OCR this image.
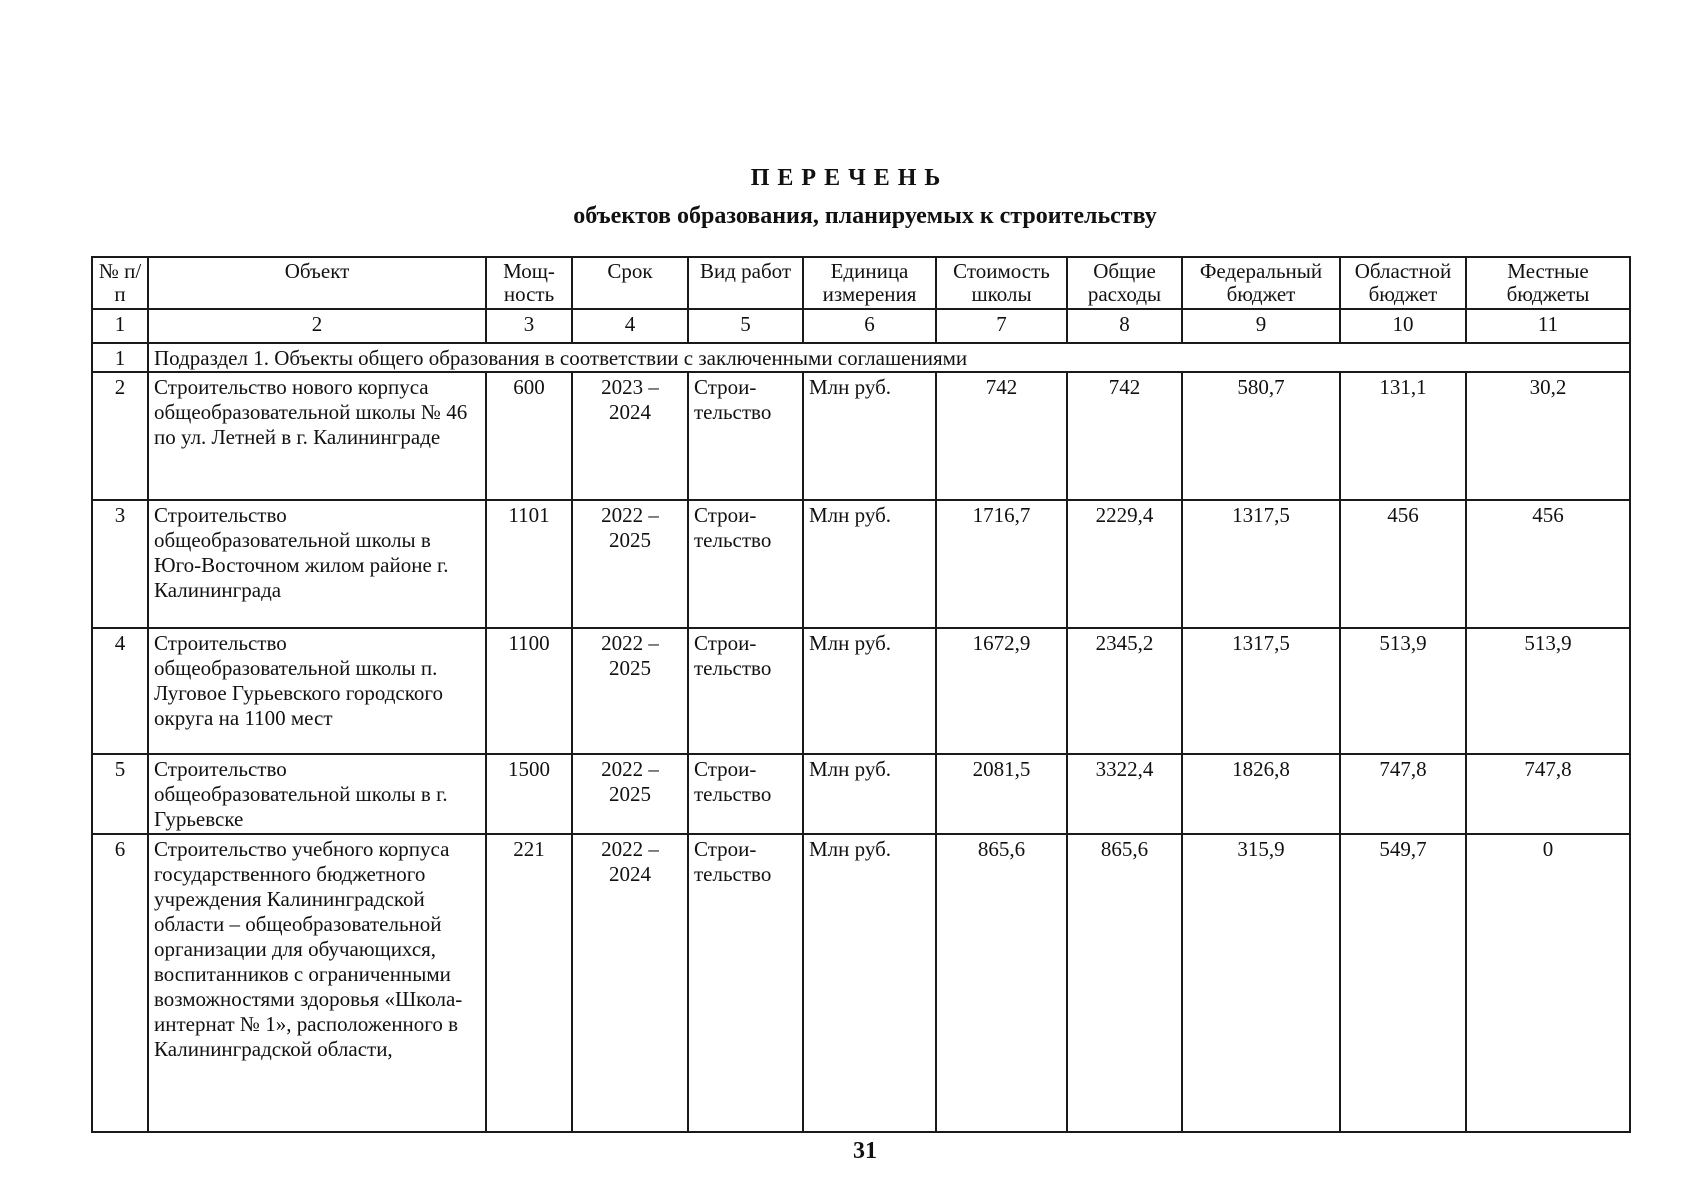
ПЕРЕЧЕНЬ
объектов образования, планируемых к строительству
№ п/п	Объект	Мощ-ность	Срок	Вид работ	Единица измерения	Стоимость школы	Общие расходы	Федеральный бюджет	Областной бюджет	Местные бюджеты
1	2	3	4	5	6	7	8	9	10	11
1	Подраздел 1. Объекты общего образования в соответствии с заключенными соглашениями									
2	Строительство нового корпуса общеобразовательной школы № 46 по ул. Летней в г. Калининграде	600	2023 – 2024	Строи-тельство	Млн руб.	742	742	580,7	131,1	30,2
3	Строительство общеобразовательной школы в Юго-Восточном жилом районе г. Калининграда	1101	2022 – 2025	Строи-тельство	Млн руб.	1716,7	2229,4	1317,5	456	456
4	Строительство общеобразовательной школы п. Луговое Гурьевского городского округа на 1100 мест	1100	2022 – 2025	Строи-тельство	Млн руб.	1672,9	2345,2	1317,5	513,9	513,9
5	Строительство общеобразовательной школы в г. Гурьевске	1500	2022 – 2025	Строи-тельство	Млн руб.	2081,5	3322,4	1826,8	747,8	747,8
6	Строительство учебного корпуса государственного бюджетного учреждения Калининградской области – общеобразовательной организации для обучающихся, воспитанников с ограниченными возможностями здоровья «Школа-интернат № 1», расположенного в Калининградской области,	221	2022 – 2024	Строи-тельство	Млн руб.	865,6	865,6	315,9	549,7	0
31
